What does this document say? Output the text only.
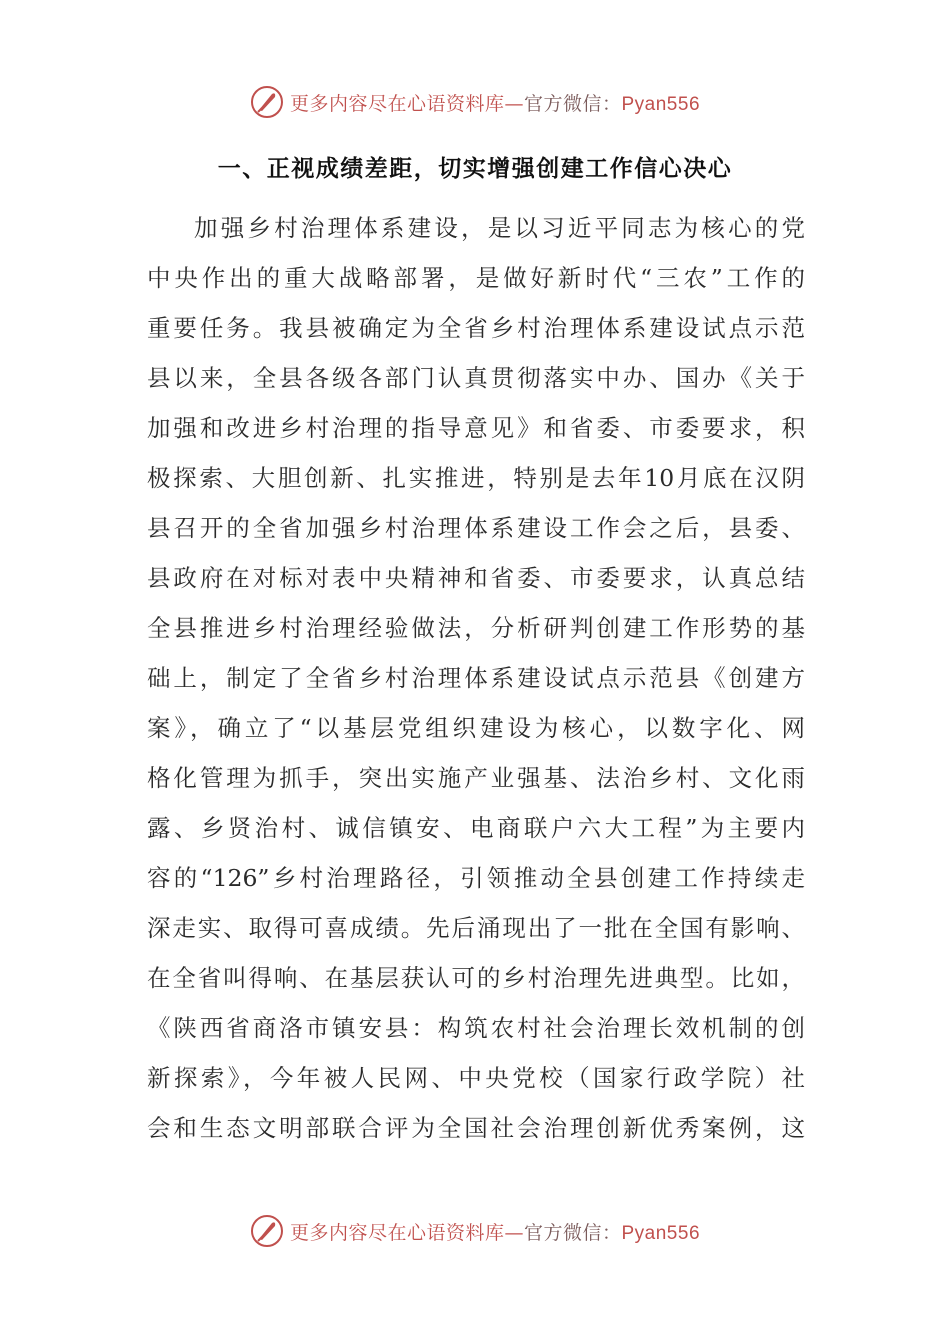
更多内容尽在心语资料库—官方微信：Pyan556
一、正视成绩差距，切实增强创建工作信心决心
加强乡村治理体系建设，是以习近平同志为核心的党
中央作出的重大战略部署，是做好新时代“三农”工作的
重要任务。我县被确定为全省乡村治理体系建设试点示范
县以来，全县各级各部门认真贯彻落实中办、国办《关于
加强和改进乡村治理的指导意见》和省委、市委要求，积
极探索、大胆创新、扎实推进，特别是去年10月底在汉阴
县召开的全省加强乡村治理体系建设工作会之后，县委、
县政府在对标对表中央精神和省委、市委要求，认真总结
全县推进乡村治理经验做法，分析研判创建工作形势的基
础上，制定了全省乡村治理体系建设试点示范县《创建方
案》，确立了“以基层党组织建设为核心，以数字化、网
格化管理为抓手，突出实施产业强基、法治乡村、文化雨
露、乡贤治村、诚信镇安、电商联户六大工程”为主要内
容的“126”乡村治理路径，引领推动全县创建工作持续走
深走实、取得可喜成绩。先后涌现出了一批在全国有影响、
在全省叫得响、在基层获认可的乡村治理先进典型。比如，
《陕西省商洛市镇安县：构筑农村社会治理长效机制的创
新探索》，今年被人民网、中央党校（国家行政学院）社
会和生态文明部联合评为全国社会治理创新优秀案例，这
更多内容尽在心语资料库—官方微信：Pyan556
